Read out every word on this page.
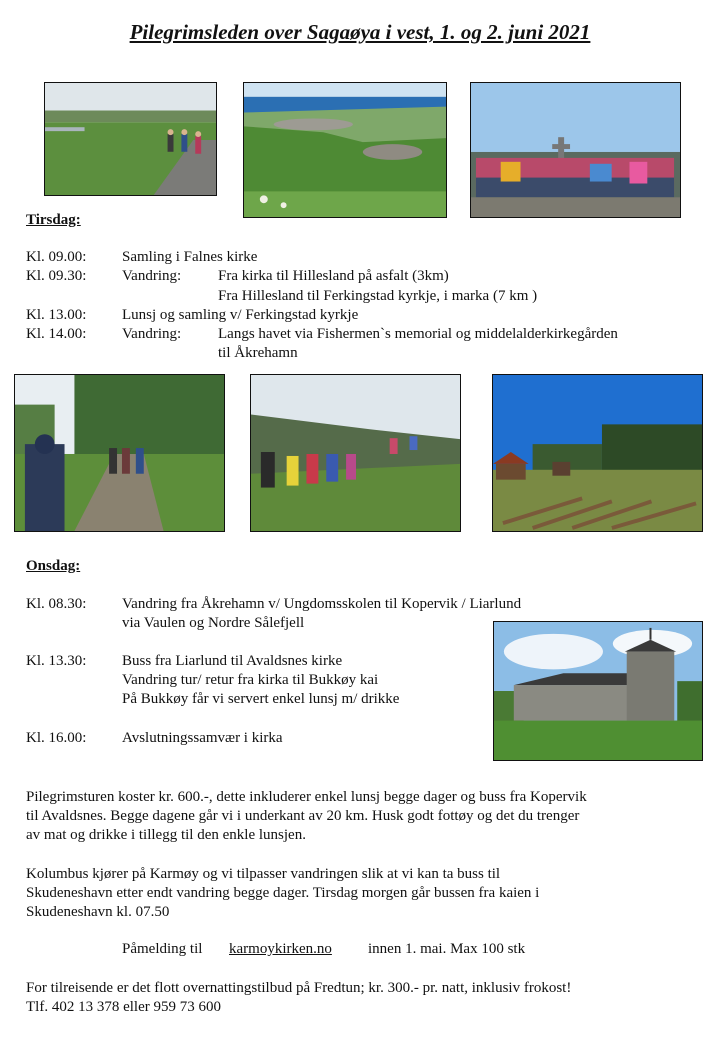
Pilegrimsleden over Sagaøya i vest, 1. og 2. juni 2021
Tirsdag:
Kl. 09.00: Samling i Falnes kirke
Kl. 09.30: Vandring: Fra kirka til Hillesland på asfalt (3km)
Fra Hillesland til Ferkingstad kyrkje, i marka (7 km )
Kl. 13.00: Lunsj og samling v/ Ferkingstad kyrkje
Kl. 14.00: Vandring: Langs havet via Fishermen`s memorial og middelalderkirkegården
til Åkrehamn
Onsdag:
Kl. 08.30: Vandring fra Åkrehamn v/ Ungdomsskolen til Kopervik / Liarlund
via Vaulen og Nordre Sålefjell
Kl. 13.30: Buss fra Liarlund til Avaldsnes kirke
Vandring tur/ retur fra kirka til Bukkøy kai
På Bukkøy får vi servert enkel lunsj m/ drikke
Kl. 16.00: Avslutningssamvær i kirka
Pilegrimsturen koster kr. 600.-, dette inkluderer enkel lunsj begge dager og buss fra Kopervik
til Avaldsnes. Begge dagene går vi i underkant av 20 km. Husk godt fottøy og det du trenger
av mat og drikke i tillegg til den enkle lunsjen.
Kolumbus kjører på Karmøy og vi tilpasser vandringen slik at vi kan ta buss til
Skudeneshavn etter endt vandring begge dager. Tirsdag morgen går bussen fra kaien i
Skudeneshavn kl. 07.50
Påmelding til karmoykirken.no innen 1. mai. Max 100 stk
For tilreisende er det flott overnattingstilbud på Fredtun; kr. 300.- pr. natt, inklusiv frokost!
Tlf. 402 13 378 eller 959 73 600
